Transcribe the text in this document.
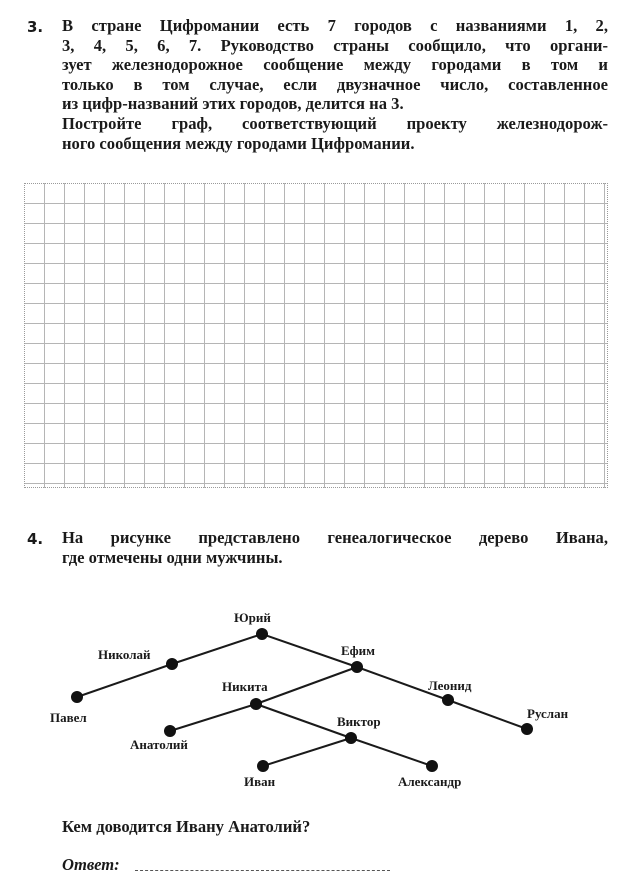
3. В стране Цифромании есть 7 городов с названиями 1, 2,
3, 4, 5, 6, 7. Руководство страны сообщило, что органи-
зует железнодорожное сообщение между городами в том и
только в том случае, если двузначное число, составленное
из цифр-названий этих городов, делится на 3.
Постройте граф, соответствующий проекту железнодорож-
ного сообщения между городами Цифромании.

4. На рисунке представлено генеалогическое дерево Ивана,
где отмечены одни мужчины.

Юрий
Николай	Ефим
Павел
Никита	Леонид
Руслан
Виктор
Анатолий
Иван	Александр
Кем доводится Ивану Анатолий?
Ответ:
